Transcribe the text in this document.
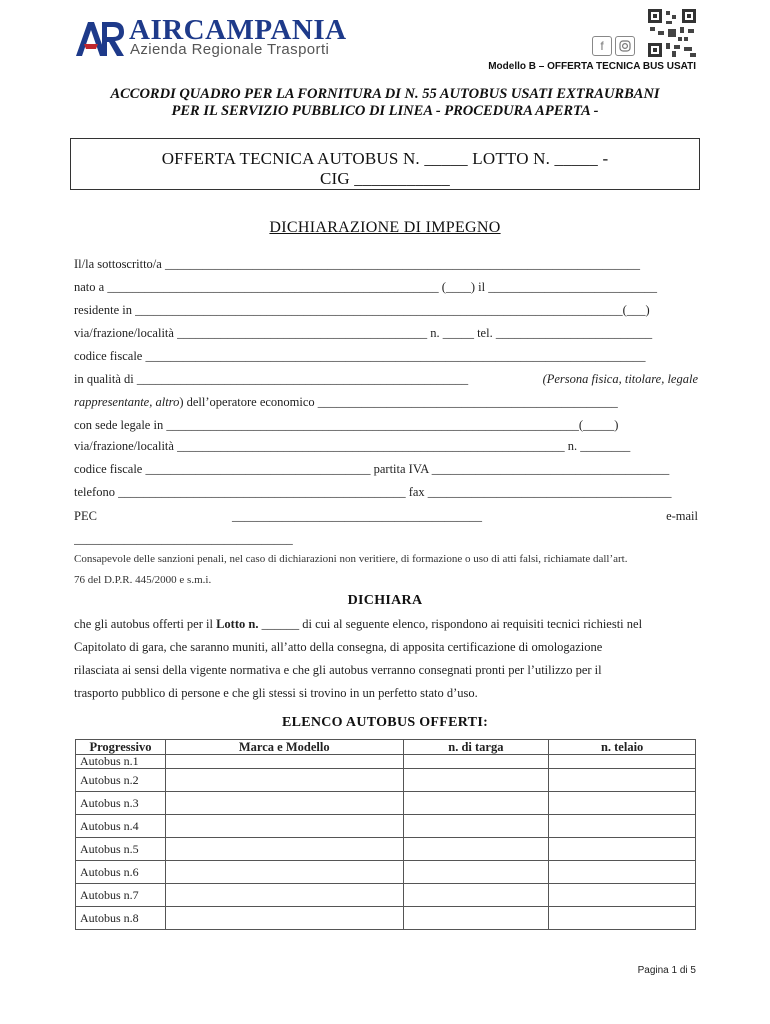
AIRCAMPANIA
Azienda Regionale Trasporti	f
Modello B – OFFERTA TECNICA BUS USATI
ACCORDI QUADRO PER LA FORNITURA DI N. 55 AUTOBUS USATI EXTRAURBANI
PER IL SERVIZIO PUBBLICO DI LINEA - PROCEDURA APERTA -
OFFERTA TECNICA AUTOBUS N. _____ LOTTO N. _____ -
CIG ___________
DICHIARAZIONE DI IMPEGNO
Il/la sottoscritto/a ____________________________________________________________________________
nato a _____________________________________________________ (____) il ___________________________
residente in ______________________________________________________________________________(___)
via/frazione/località ________________________________________ n. _____ tel. _________________________
codice fiscale ________________________________________________________________________________
in qualità di _____________________________________________________	(Persona fisica, titolare, legale
rappresentante, altro) dell’operatore economico ________________________________________________
con sede legale in __________________________________________________________________(_____)
via/frazione/località ______________________________________________________________ n. ________
codice fiscale ____________________________________ partita IVA ______________________________________
telefono ______________________________________________ fax _______________________________________
PEC	________________________________________	e-mail
___________________________________
Consapevole delle sanzioni penali, nel caso di dichiarazioni non veritiere, di formazione o uso di atti falsi, richiamate dall’art.
76 del D.P.R. 445/2000 e s.m.i.
DICHIARA
che gli autobus offerti per il Lotto n. ______ di cui al seguente elenco, rispondono ai requisiti tecnici richiesti nel
Capitolato di gara, che saranno muniti, all’atto della consegna, di apposita certificazione di omologazione
rilasciata ai sensi della vigente normativa e che gli autobus verranno consegnati pronti per l’utilizzo per il
trasporto pubblico di persone e che gli stessi si trovino in un perfetto stato d’uso.
ELENCO AUTOBUS OFFERTI:
Progressivo	Marca e Modello	n. di targa	n. telaio
Autobus n.1			
Autobus n.2			
Autobus n.3			
Autobus n.4			
Autobus n.5			
Autobus n.6			
Autobus n.7			
Autobus n.8			
Pagina 1 di 5
